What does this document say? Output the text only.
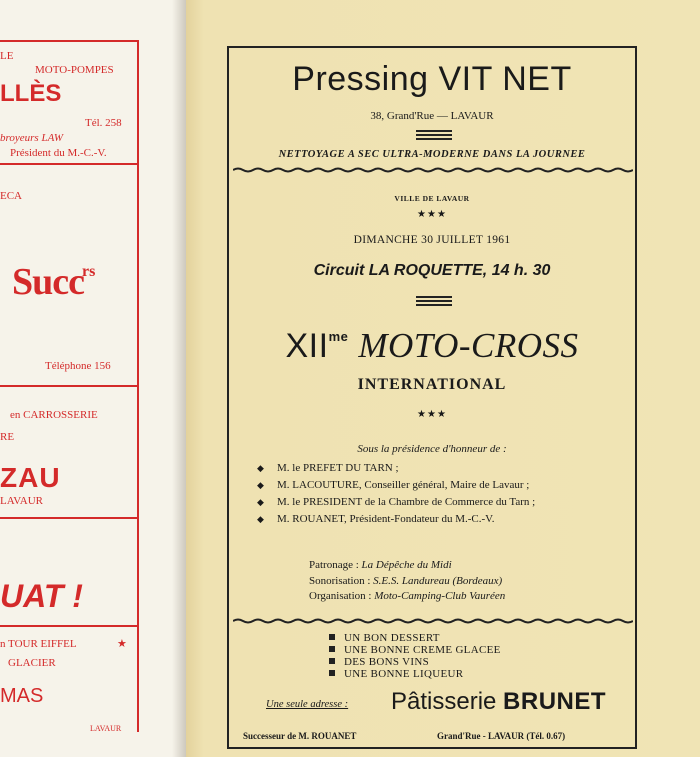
LE
MOTO-POMPES
LLÈS
Tél. 258
broyeurs LAW
Président du M.-C.-V.
ECA
Succ
rs
Téléphone 156
en CARROSSERIE
RE
ZAU
LAVAUR
UAT !
n TOUR EIFFEL	★
GLACIER
MAS
LAVAUR
Pressing VIT NET
38, Grand'Rue — LAVAUR
NETTOYAGE A SEC ULTRA-MODERNE DANS LA JOURNEE
VILLE DE LAVAUR
★★★
DIMANCHE 30 JUILLET 1961
Circuit LA ROQUETTE, 14 h. 30
$XII^{me}$ MOTO-CROSS
INTERNATIONAL
★★★
Sous la présidence d'honneur de :
◆ M. le PREFET DU TARN ;
◆ M. LACOUTURE, Conseiller général, Maire de Lavaur ;
◆ M. le PRESIDENT de la Chambre de Commerce du Tarn ;
◆ M. ROUANET, Président-Fondateur du M.-C.-V.
Patronage : La Dépêche du Midi
Sonorisation : S.E.S. Landureau (Bordeaux)
Organisation : Moto-Camping-Club Vauréen
UN BON DESSERT
UNE BONNE CREME GLACEE
DES BONS VINS
UNE BONNE LIQUEUR
Une seule adresse : Pâtisserie BRUNET
Successeur de M. ROUANET	Grand'Rue - LAVAUR (Tél. 0.67)
